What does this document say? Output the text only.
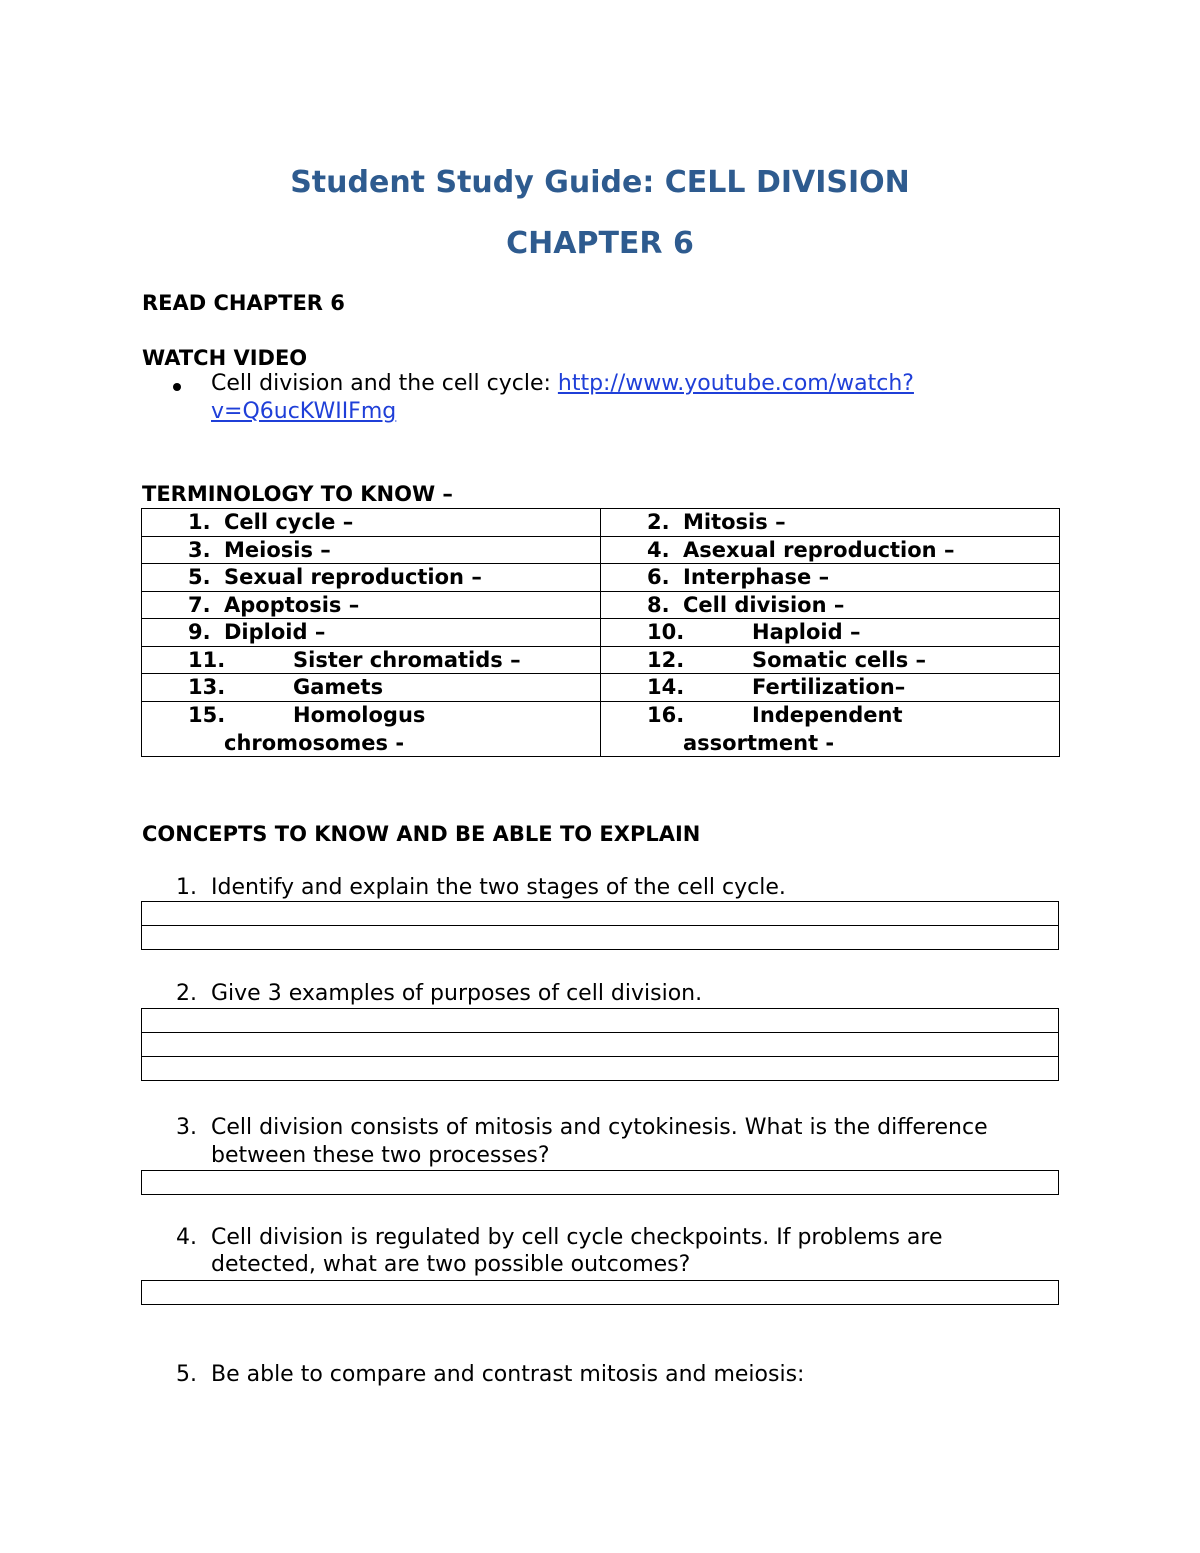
Student Study Guide: CELL DIVISION
CHAPTER 6
READ CHAPTER 6
WATCH VIDEO
Cell division and the cell cycle: http://www.youtube.com/watch?
v=Q6ucKWIIFmg
TERMINOLOGY TO KNOW –
1. Cell cycle –	2. Mitosis –

3. Meiosis –	4. Asexual reproduction –

5. Sexual reproduction –	6. Interphase –

7. Apoptosis –	8. Cell division –

9. Diploid –	10. Haploid –

11. Sister chromatids –	12. Somatic cells –

13. Gamets	14. Fertilization–

15. Homologus
chromosomes -	16. Independent
assortment -
CONCEPTS TO KNOW AND BE ABLE TO EXPLAIN
1. Identify and explain the two stages of the cell cycle.

2. Give 3 examples of purposes of cell division.

3. Cell division consists of mitosis and cytokinesis. What is the difference
between these two processes?
4. Cell division is regulated by cell cycle checkpoints. If problems are
detected, what are two possible outcomes?
5. Be able to compare and contrast mitosis and meiosis:
